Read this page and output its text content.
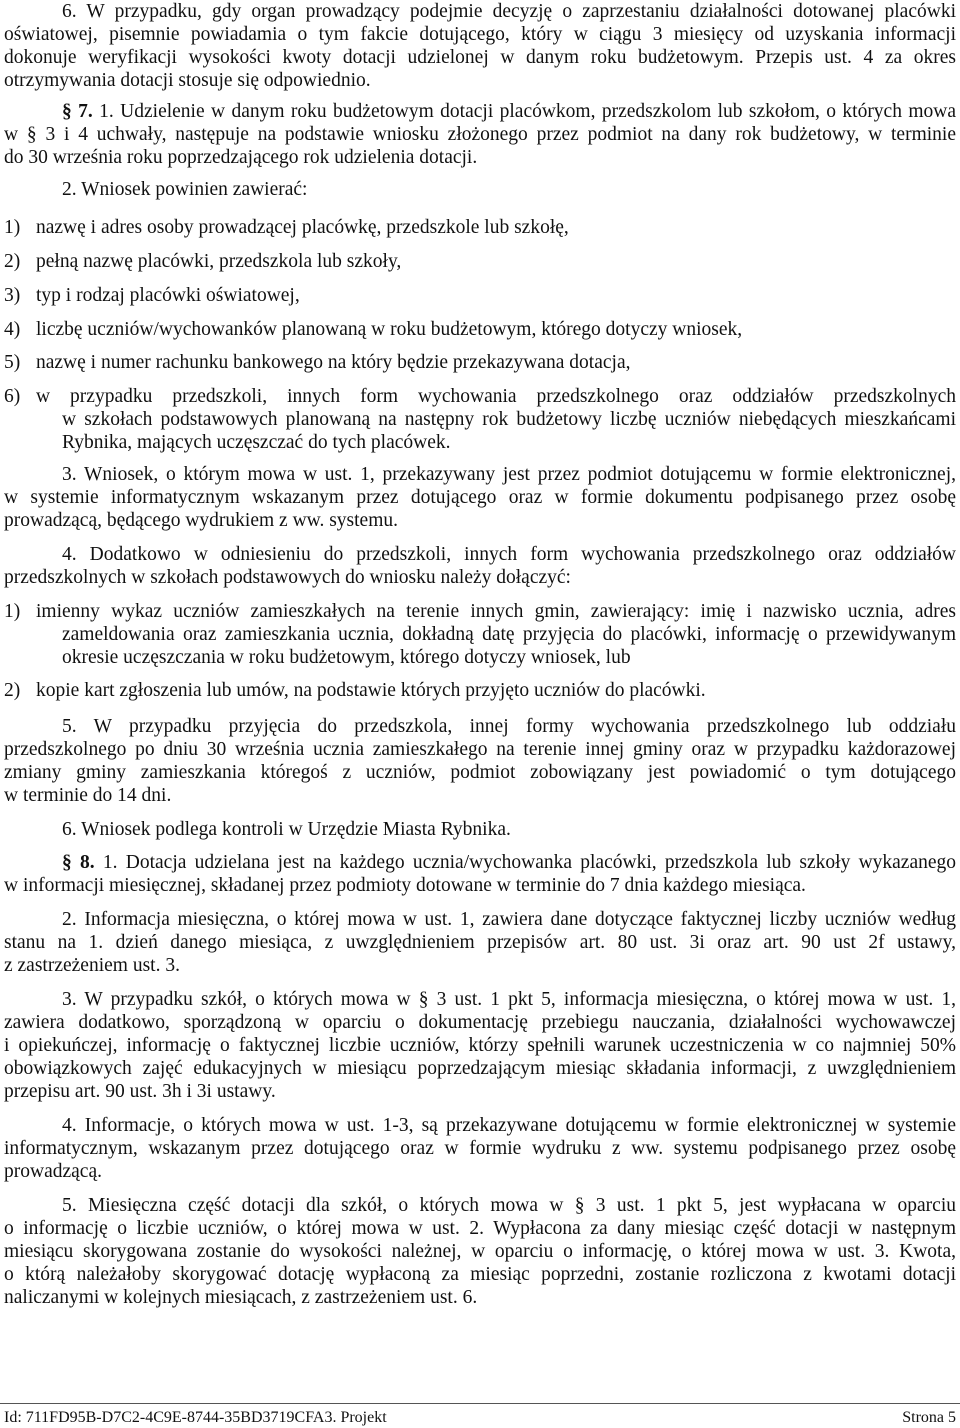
6. W przypadku, gdy organ prowadzący podejmie decyzję o zaprzestaniu działalności dotowanej placówki
oświatowej, pisemnie powiadamia o tym fakcie dotującego, który w ciągu 3 miesięcy od uzyskania informacji
dokonuje weryfikacji wysokości kwoty dotacji udzielonej w danym roku budżetowym. Przepis ust. 4 za okres
otrzymywania dotacji stosuje się odpowiednio.
§ 7. 1. Udzielenie w danym roku budżetowym dotacji placówkom, przedszkolom lub szkołom, o których mowa
w § 3 i 4 uchwały, następuje na podstawie wniosku złożonego przez podmiot na dany rok budżetowy, w terminie
do 30 września roku poprzedzającego rok udzielenia dotacji.
2. Wniosek powinien zawierać:
1) nazwę i adres osoby prowadzącej placówkę, przedszkole lub szkołę,
2) pełną nazwę placówki, przedszkola lub szkoły,
3) typ i rodzaj placówki oświatowej,
4) liczbę uczniów/wychowanków planowaną w roku budżetowym, którego dotyczy wniosek,
5) nazwę i numer rachunku bankowego na który będzie przekazywana dotacja,
6) w przypadku przedszkoli, innych form wychowania przedszkolnego oraz oddziałów przedszkolnych
w szkołach podstawowych planowaną na następny rok budżetowy liczbę uczniów niebędących mieszkańcami
Rybnika, mających uczęszczać do tych placówek.
3. Wniosek, o którym mowa w ust. 1, przekazywany jest przez podmiot dotującemu w formie elektronicznej,
w systemie informatycznym wskazanym przez dotującego oraz w formie dokumentu podpisanego przez osobę
prowadzącą, będącego wydrukiem z ww. systemu.
4. Dodatkowo w odniesieniu do przedszkoli, innych form wychowania przedszkolnego oraz oddziałów
przedszkolnych w szkołach podstawowych do wniosku należy dołączyć:
1) imienny wykaz uczniów zamieszkałych na terenie innych gmin, zawierający: imię i nazwisko ucznia, adres
zameldowania oraz zamieszkania ucznia, dokładną datę przyjęcia do placówki, informację o przewidywanym
okresie uczęszczania w roku budżetowym, którego dotyczy wniosek, lub
2) kopie kart zgłoszenia lub umów, na podstawie których przyjęto uczniów do placówki.
5. W przypadku przyjęcia do przedszkola, innej formy wychowania przedszkolnego lub oddziału
przedszkolnego po dniu 30 września ucznia zamieszkałego na terenie innej gminy oraz w przypadku każdorazowej
zmiany gminy zamieszkania któregoś z uczniów, podmiot zobowiązany jest powiadomić o tym dotującego
w terminie do 14 dni.
6. Wniosek podlega kontroli w Urzędzie Miasta Rybnika.
§ 8. 1. Dotacja udzielana jest na każdego ucznia/wychowanka placówki, przedszkola lub szkoły wykazanego
w informacji miesięcznej, składanej przez podmioty dotowane w terminie do 7 dnia każdego miesiąca.
2. Informacja miesięczna, o której mowa w ust. 1, zawiera dane dotyczące faktycznej liczby uczniów według
stanu na 1. dzień danego miesiąca, z uwzględnieniem przepisów art. 80 ust. 3i oraz art. 90 ust 2f ustawy,
z zastrzeżeniem ust. 3.
3. W przypadku szkół, o których mowa w § 3 ust. 1 pkt 5, informacja miesięczna, o której mowa w ust. 1,
zawiera dodatkowo, sporządzoną w oparciu o dokumentację przebiegu nauczania, działalności wychowawczej
i opiekuńczej, informację o faktycznej liczbie uczniów, którzy spełnili warunek uczestniczenia w co najmniej 50%
obowiązkowych zajęć edukacyjnych w miesiącu poprzedzającym miesiąc składania informacji, z uwzględnieniem
przepisu art. 90 ust. 3h i 3i ustawy.
4. Informacje, o których mowa w ust. 1-3, są przekazywane dotującemu w formie elektronicznej w systemie
informatycznym, wskazanym przez dotującego oraz w formie wydruku z ww. systemu podpisanego przez osobę
prowadzącą.
5. Miesięczna część dotacji dla szkół, o których mowa w § 3 ust. 1 pkt 5, jest wypłacana w oparciu
o informację o liczbie uczniów, o której mowa w ust. 2. Wypłacona za dany miesiąc część dotacji w następnym
miesiącu skorygowana zostanie do wysokości należnej, w oparciu o informację, o której mowa w ust. 3. Kwota,
o którą należałoby skorygować dotację wypłaconą za miesiąc poprzedni, zostanie rozliczona z kwotami dotacji
naliczanymi w kolejnych miesiącach, z zastrzeżeniem ust. 6.
Id: 711FD95B-D7C2-4C9E-8744-35BD3719CFA3. Projekt	Strona 5
